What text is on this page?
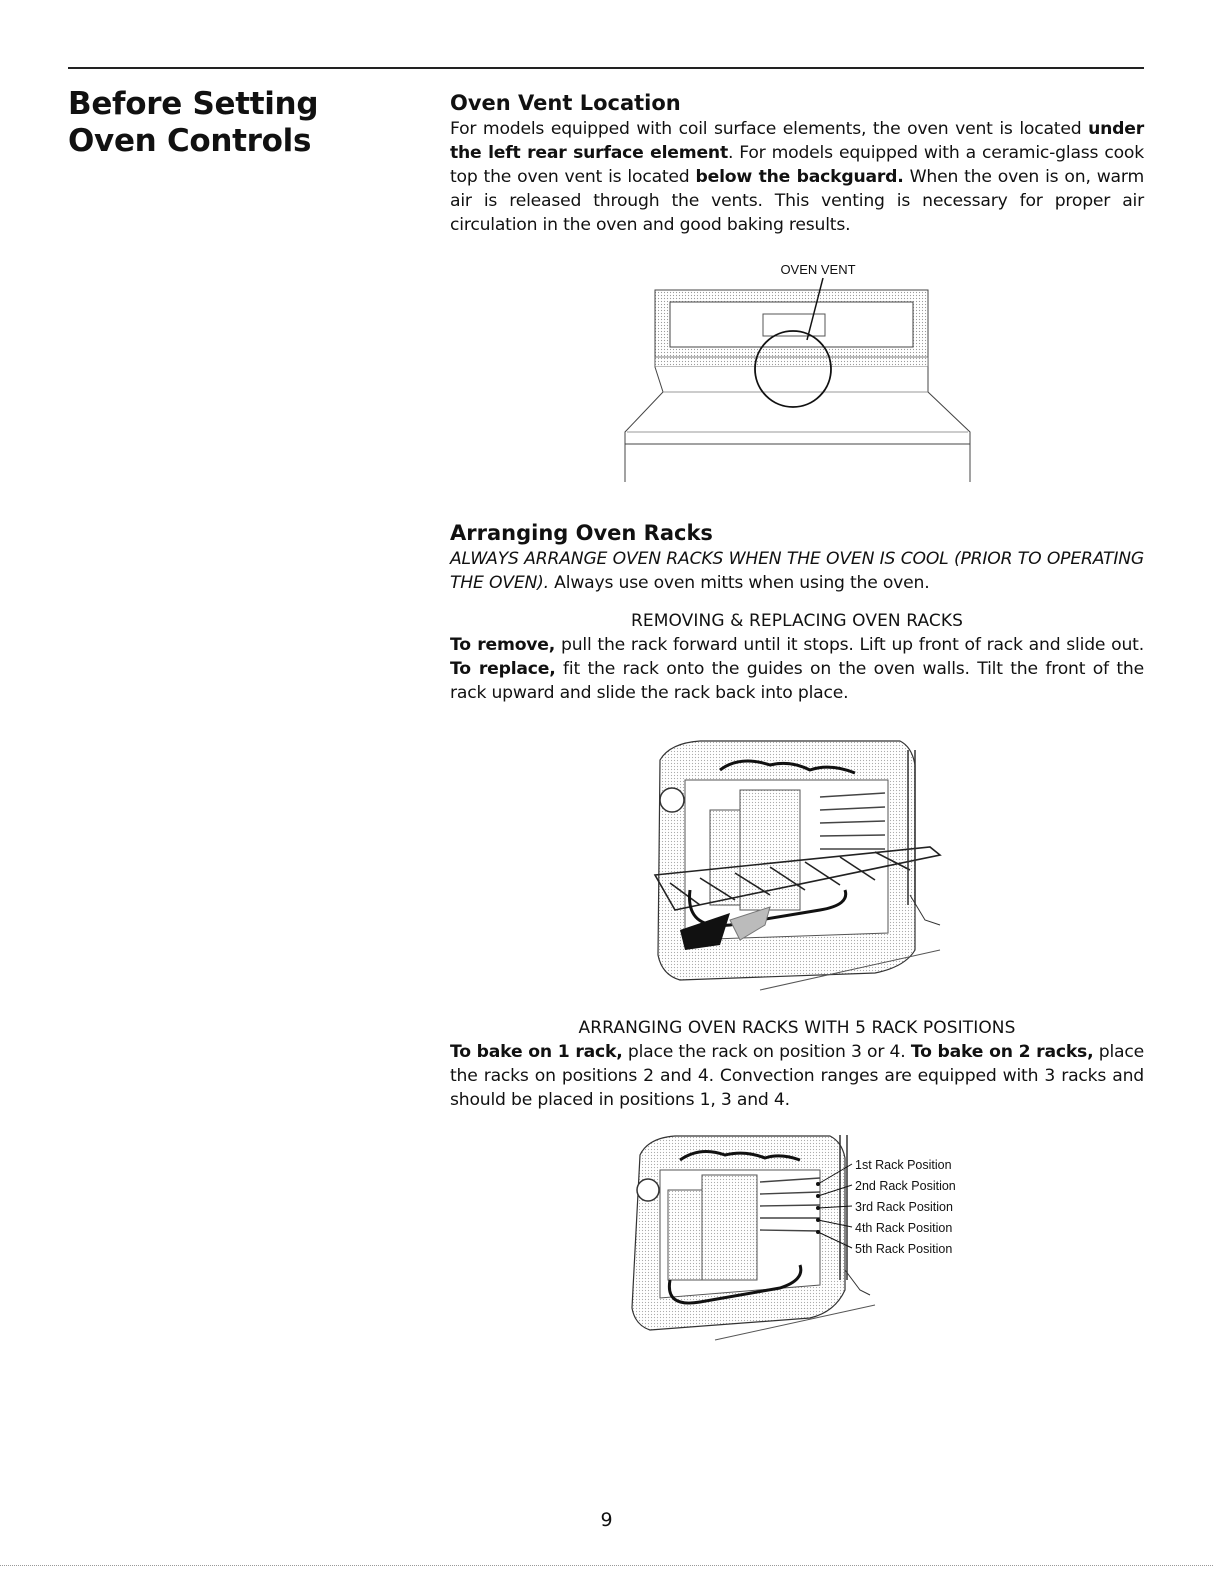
Before Setting Oven Controls
Oven Vent Location

For models equipped with coil surface elements, the oven vent is located under the left rear surface element. For models equipped with a ceramic-glass cook top the oven vent is located below the backguard. When the oven is on, warm air is released through the vents. This venting is necessary for proper air circulation in the oven and good baking results.

OVEN VENT
Arranging Oven Racks

ALWAYS ARRANGE OVEN RACKS WHEN THE OVEN IS COOL (PRIOR TO OPERATING THE OVEN). Always use oven mitts when using the oven.

REMOVING & REPLACING OVEN RACKS

To remove, pull the rack forward until it stops. Lift up front of rack and slide out. To replace, fit the rack onto the guides on the oven walls. Tilt the front of the rack upward and slide the rack back into place.

ARRANGING OVEN RACKS WITH 5 RACK POSITIONS

To bake on 1 rack, place the rack on position 3 or 4. To bake on 2 racks, place the racks on positions 2 and 4. Convection ranges are equipped with 3 racks and should be placed in positions 1, 3 and 4.

1st Rack Position
2nd Rack Position
3rd Rack Position
4th Rack Position
5th Rack Position
9
